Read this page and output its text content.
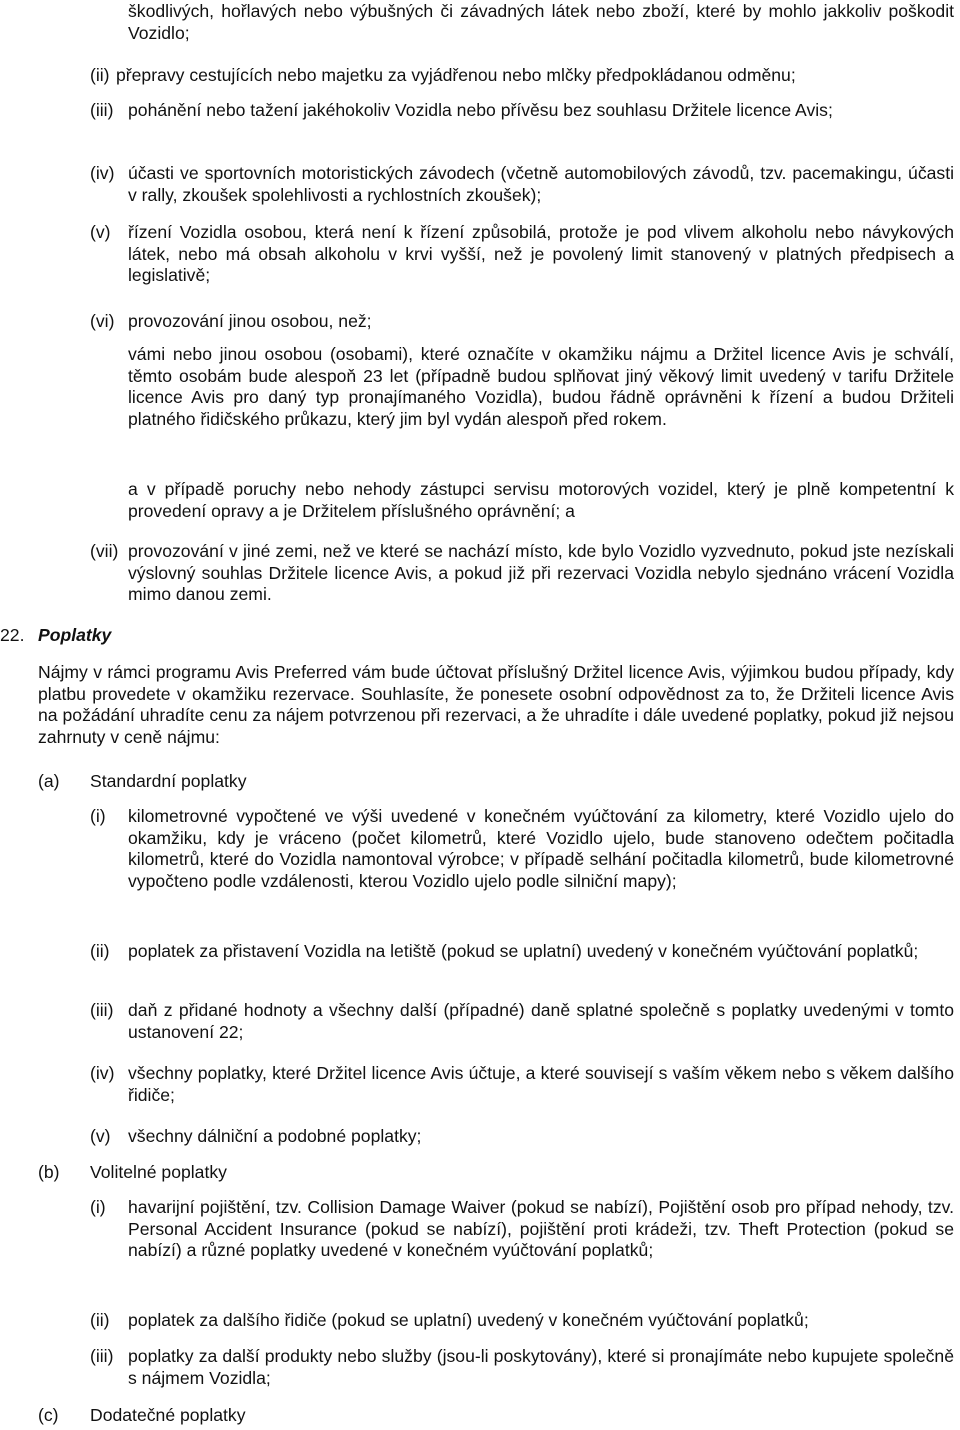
škodlivých, hořlavých nebo výbušných či závadných látek nebo zboží, které by mohlo jakkoliv poškodit Vozidlo;

(ii) přepravy cestujících nebo majetku za vyjádřenou nebo mlčky předpokládanou odměnu;

(iii) pohánění nebo tažení jakéhokoliv Vozidla nebo přívěsu bez souhlasu Držitele licence Avis;

(iv) účasti ve sportovních motoristických závodech (včetně automobilových závodů, tzv. pacemakingu, účasti v rally, zkoušek spolehlivosti a rychlostních zkoušek);

(v) řízení Vozidla osobou, která není k řízení způsobilá, protože je pod vlivem alkoholu nebo návykových látek, nebo má obsah alkoholu v krvi vyšší, než je povolený limit stanovený v platných předpisech a legislativě;

(vi) provozování jinou osobou, než;

vámi nebo jinou osobou (osobami), které označíte v okamžiku nájmu a Držitel licence Avis je schválí, těmto osobám bude alespoň 23 let (případně budou splňovat jiný věkový limit uvedený v tarifu Držitele licence Avis pro daný typ pronajímaného Vozidla), budou řádně oprávněni k řízení a budou Držiteli platného řidičského průkazu, který jim byl vydán alespoň před rokem.

a v případě poruchy nebo nehody zástupci servisu motorových vozidel, který je plně kompetentní k provedení opravy a je Držitelem příslušného oprávnění; a

(vii) provozování v jiné zemi, než ve které se nachází místo, kde bylo Vozidlo vyzvednuto, pokud jste nezískali výslovný souhlas Držitele licence Avis, a pokud již při rezervaci Vozidla nebylo sjednáno vrácení Vozidla mimo danou zemi.

22. Poplatky

Nájmy v rámci programu Avis Preferred vám bude účtovat příslušný Držitel licence Avis, výjimkou budou případy, kdy platbu provedete v okamžiku rezervace. Souhlasíte, že ponesete osobní odpovědnost za to, že Držiteli licence Avis na požádání uhradíte cenu za nájem potvrzenou při rezervaci, a že uhradíte i dále uvedené poplatky, pokud již nejsou zahrnuty v ceně nájmu:

(a) Standardní poplatky
(i) kilometrovné vypočtené ve výši uvedené v konečném vyúčtování za kilometry, které Vozidlo ujelo do okamžiku, kdy je vráceno (počet kilometrů, které Vozidlo ujelo, bude stanoveno odečtem počitadla kilometrů, které do Vozidla namontoval výrobce; v případě selhání počitadla kilometrů, bude kilometrovné vypočteno podle vzdálenosti, kterou Vozidlo ujelo podle silniční mapy);

(ii) poplatek za přistavení Vozidla na letiště (pokud se uplatní) uvedený v konečném vyúčtování poplatků;

(iii) daň z přidané hodnoty a všechny další (případné) daně splatné společně s poplatky uvedenými v tomto ustanovení 22;

(iv) všechny poplatky, které Držitel licence Avis účtuje, a které souvisejí s vaším věkem nebo s věkem dalšího řidiče;

(v) všechny dálniční a podobné poplatky;

(b) Volitelné poplatky
(i) havarijní pojištění, tzv. Collision Damage Waiver (pokud se nabízí), Pojištění osob pro případ nehody, tzv. Personal Accident Insurance (pokud se nabízí), pojištění proti krádeži, tzv. Theft Protection (pokud se nabízí) a různé poplatky uvedené v konečném vyúčtování poplatků;

(ii) poplatek za dalšího řidiče (pokud se uplatní) uvedený v konečném vyúčtování poplatků;

(iii) poplatky za další produkty nebo služby (jsou-li poskytovány), které si pronajímáte nebo kupujete společně s nájmem Vozidla;

(c) Dodatečné poplatky
